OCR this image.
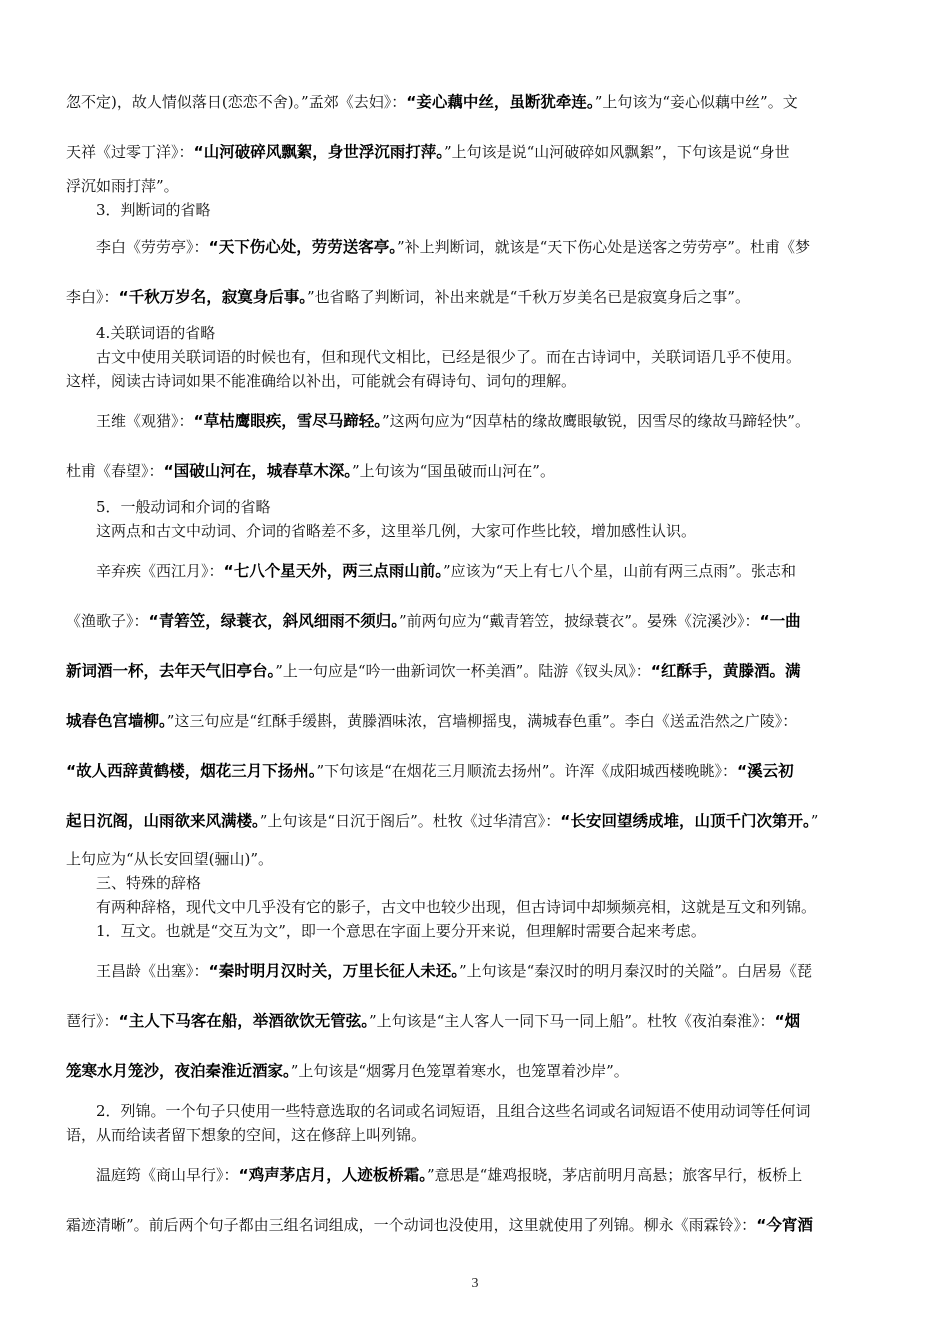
3
忽不定)，故人情似落日(恋恋不舍)。”孟郊《去妇》：“妾心藕中丝，虽断犹牵连。”上句该为“妾心似藕中丝”。文
天祥《过零丁洋》：“山河破碎风飘絮，身世浮沉雨打萍。”上句该是说“山河破碎如风飘絮”，下句该是说“身世
浮沉如雨打萍”。
3．判断词的省略
李白《劳劳亭》：“天下伤心处，劳劳送客亭。”补上判断词，就该是“天下伤心处是送客之劳劳亭”。杜甫《梦
李白》：“千秋万岁名，寂寞身后事。”也省略了判断词，补出来就是“千秋万岁美名已是寂寞身后之事”。
4.关联词语的省略
古文中使用关联词语的时候也有，但和现代文相比，已经是很少了。而在古诗词中，关联词语几乎不使用。
这样，阅读古诗词如果不能准确给以补出，可能就会有碍诗句、词句的理解。
王维《观猎》：“草枯鹰眼疾，雪尽马蹄轻。”这两句应为“因草枯的缘故鹰眼敏锐，因雪尽的缘故马蹄轻快”。
杜甫《春望》：“国破山河在，城春草木深。”上句该为“国虽破而山河在”。
5．一般动词和介词的省略
这两点和古文中动词、介词的省略差不多，这里举几例，大家可作些比较，增加感性认识。
辛弃疾《西江月》：“七八个星天外，两三点雨山前。”应该为“天上有七八个星，山前有两三点雨”。张志和
《渔歌子》：“青箬笠，绿蓑衣，斜风细雨不须归。”前两句应为“戴青箬笠，披绿蓑衣”。晏殊《浣溪沙》：“一曲
新词酒一杯，去年天气旧亭台。”上一句应是“吟一曲新词饮一杯美酒”。陆游《钗头凤》：“红酥手，黄滕酒。满
城春色宫墙柳。”这三句应是“红酥手缓斟，黄滕酒味浓，宫墙柳摇曳，满城春色重”。李白《送孟浩然之广陵》：
“故人西辞黄鹤楼，烟花三月下扬州。”下句该是“在烟花三月顺流去扬州”。许浑《成阳城西楼晚眺》：“溪云初
起日沉阁，山雨欲来风满楼。”上句该是“日沉于阁后”。杜牧《过华清宫》：“长安回望绣成堆，山顶千门次第开。”
上句应为“从长安回望(骊山)”。
三、特殊的辞格
有两种辞格，现代文中几乎没有它的影子，古文中也较少出现，但古诗词中却频频亮相，这就是互文和列锦。
1．互文。也就是“交互为文”，即一个意思在字面上要分开来说，但理解时需要合起来考虑。
王昌龄《出塞》：“秦时明月汉时关，万里长征人未还。”上句该是“秦汉时的明月秦汉时的关隘”。白居易《琵
琶行》：“主人下马客在船，举酒欲饮无管弦。”上句该是“主人客人一同下马一同上船”。杜牧《夜泊秦淮》：“烟
笼寒水月笼沙，夜泊秦淮近酒家。”上句该是“烟雾月色笼罩着寒水，也笼罩着沙岸”。
2．列锦。一个句子只使用一些特意选取的名词或名词短语，且组合这些名词或名词短语不使用动词等任何词
语，从而给读者留下想象的空间，这在修辞上叫列锦。
温庭筠《商山早行》：“鸡声茅店月，人迹板桥霜。”意思是“雄鸡报晓，茅店前明月高悬；旅客早行，板桥上
霜迹清晰”。前后两个句子都由三组名词组成，一个动词也没使用，这里就使用了列锦。柳永《雨霖铃》：“今宵酒
